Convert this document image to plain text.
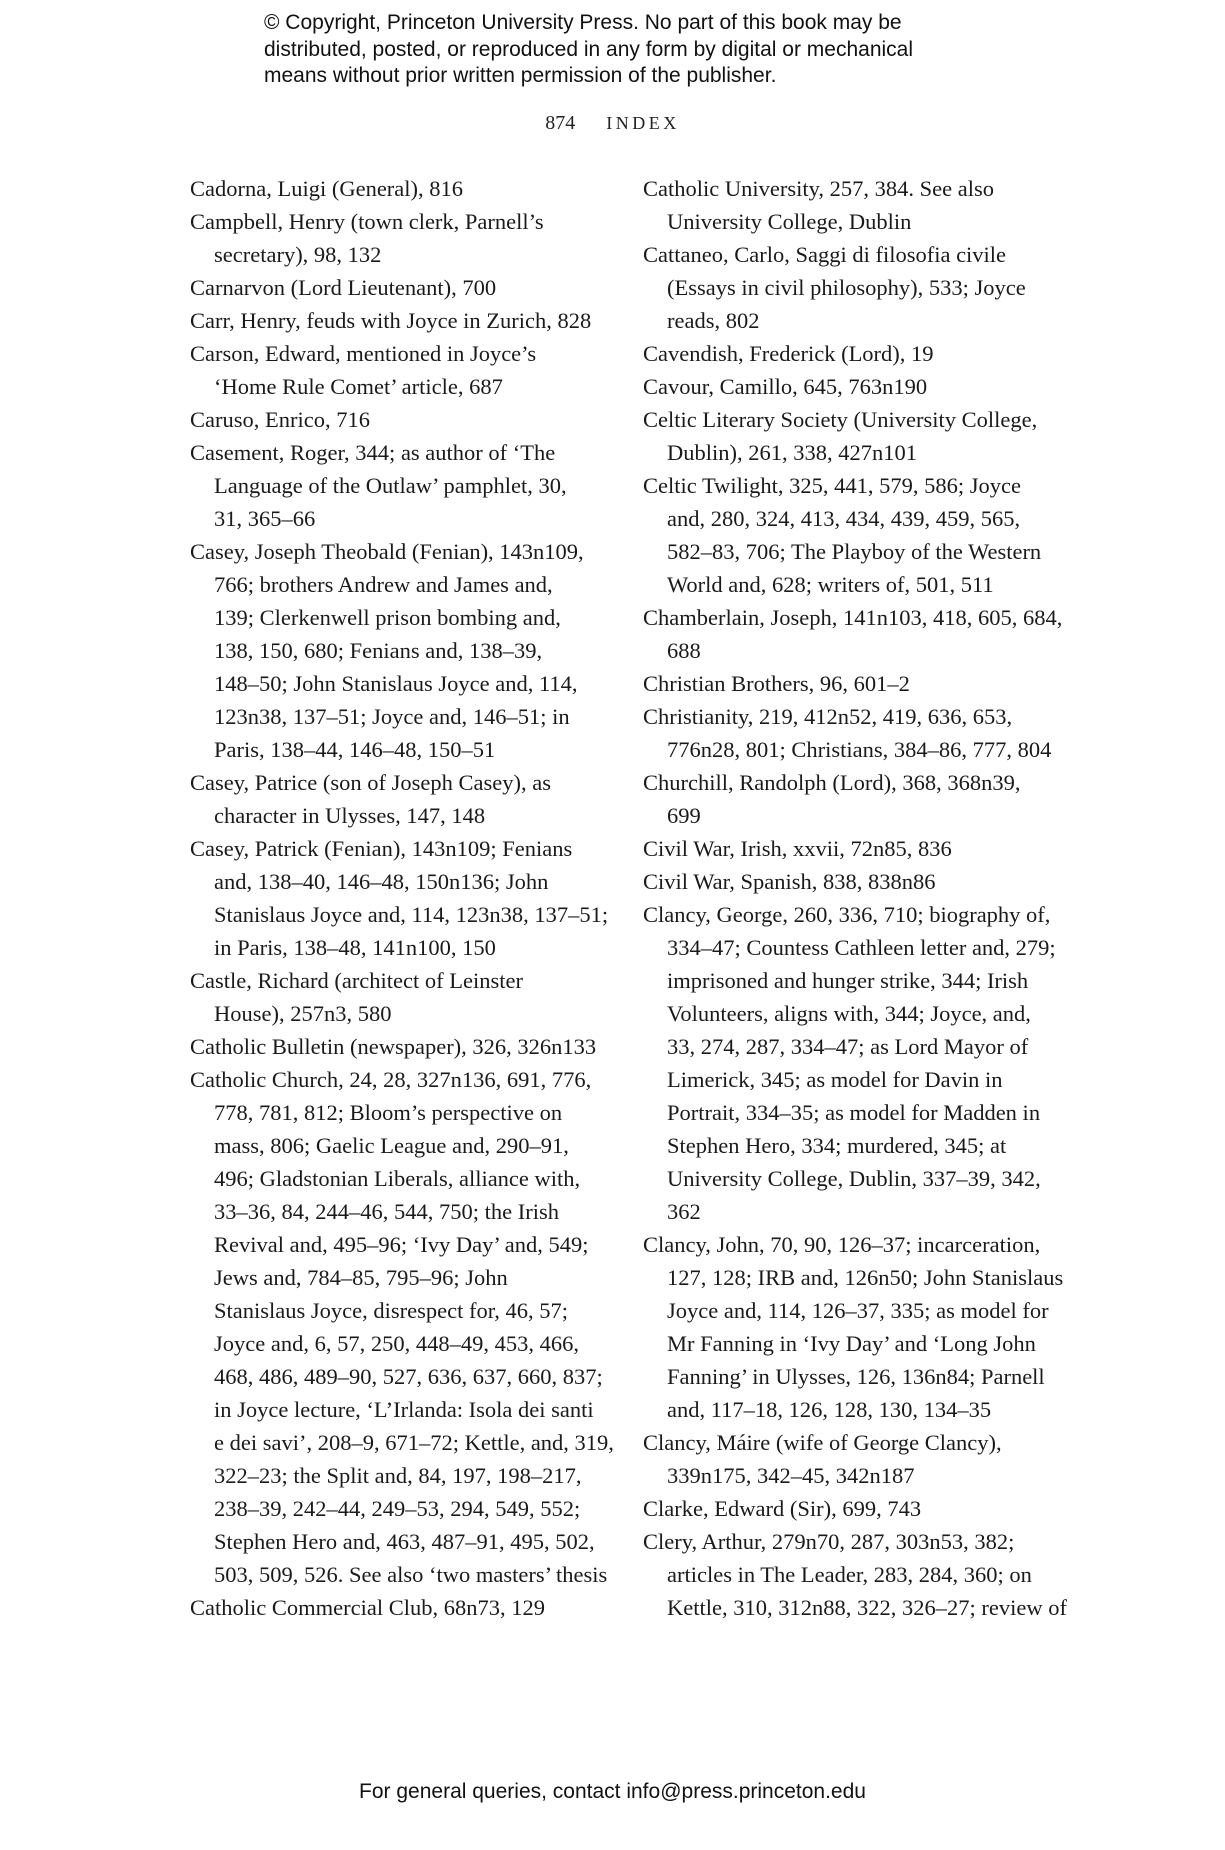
© Copyright, Princeton University Press. No part of this book may be
distributed, posted, or reproduced in any form by digital or mechanical
means without prior written permission of the publisher.
874 INDEX
Cadorna, Luigi (General), 816
Campbell, Henry (town clerk, Parnell’s
secretary), 98, 132
Carnarvon (Lord Lieutenant), 700
Carr, Henry, feuds with Joyce in Zurich, 828
Carson, Edward, mentioned in Joyce’s
‘Home Rule Comet’ article, 687
Caruso, Enrico, 716
Casement, Roger, 344; as author of ‘The
Language of the Outlaw’ pamphlet, 30,
31, 365–66
Casey, Joseph Theobald (Fenian), 143n109,
766; brothers Andrew and James and,
139; Clerkenwell prison bombing and,
138, 150, 680; Fenians and, 138–39,
148–50; John Stanislaus Joyce and, 114,
123n38, 137–51; Joyce and, 146–51; in
Paris, 138–44, 146–48, 150–51
Casey, Patrice (son of Joseph Casey), as
character in Ulysses, 147, 148
Casey, Patrick (Fenian), 143n109; Fenians
and, 138–40, 146–48, 150n136; John
Stanislaus Joyce and, 114, 123n38, 137–51;
in Paris, 138–48, 141n100, 150
Castle, Richard (architect of Leinster
House), 257n3, 580
Catholic Bulletin (newspaper), 326, 326n133
Catholic Church, 24, 28, 327n136, 691, 776,
778, 781, 812; Bloom’s perspective on
mass, 806; Gaelic League and, 290–91,
496; Gladstonian Liberals, alliance with,
33–36, 84, 244–46, 544, 750; the Irish
Revival and, 495–96; ‘Ivy Day’ and, 549;
Jews and, 784–85, 795–96; John
Stanislaus Joyce, disrespect for, 46, 57;
Joyce and, 6, 57, 250, 448–49, 453, 466,
468, 486, 489–90, 527, 636, 637, 660, 837;
in Joyce lecture, ‘L’Irlanda: Isola dei santi
e dei savi’, 208–9, 671–72; Kettle, and, 319,
322–23; the Split and, 84, 197, 198–217,
238–39, 242–44, 249–53, 294, 549, 552;
Stephen Hero and, 463, 487–91, 495, 502,
503, 509, 526. See also ‘two masters’ thesis
Catholic Commercial Club, 68n73, 129
Catholic University, 257, 384. See also
University College, Dublin
Cattaneo, Carlo, Saggi di filosofia civile
(Essays in civil philosophy), 533; Joyce
reads, 802
Cavendish, Frederick (Lord), 19
Cavour, Camillo, 645, 763n190
Celtic Literary Society (University College,
Dublin), 261, 338, 427n101
Celtic Twilight, 325, 441, 579, 586; Joyce
and, 280, 324, 413, 434, 439, 459, 565,
582–83, 706; The Playboy of the Western
World and, 628; writers of, 501, 511
Chamberlain, Joseph, 141n103, 418, 605, 684,
688
Christian Brothers, 96, 601–2
Christianity, 219, 412n52, 419, 636, 653,
776n28, 801; Christians, 384–86, 777, 804
Churchill, Randolph (Lord), 368, 368n39,
699
Civil War, Irish, xxvii, 72n85, 836
Civil War, Spanish, 838, 838n86
Clancy, George, 260, 336, 710; biography of,
334–47; Countess Cathleen letter and, 279;
imprisoned and hunger strike, 344; Irish
Volunteers, aligns with, 344; Joyce, and,
33, 274, 287, 334–47; as Lord Mayor of
Limerick, 345; as model for Davin in
Portrait, 334–35; as model for Madden in
Stephen Hero, 334; murdered, 345; at
University College, Dublin, 337–39, 342,
362
Clancy, John, 70, 90, 126–37; incarceration,
127, 128; IRB and, 126n50; John Stanislaus
Joyce and, 114, 126–37, 335; as model for
Mr Fanning in ‘Ivy Day’ and ‘Long John
Fanning’ in Ulysses, 126, 136n84; Parnell
and, 117–18, 126, 128, 130, 134–35
Clancy, Máire (wife of George Clancy),
339n175, 342–45, 342n187
Clarke, Edward (Sir), 699, 743
Clery, Arthur, 279n70, 287, 303n53, 382;
articles in The Leader, 283, 284, 360; on
Kettle, 310, 312n88, 322, 326–27; review of
For general queries, contact info@press.princeton.edu
